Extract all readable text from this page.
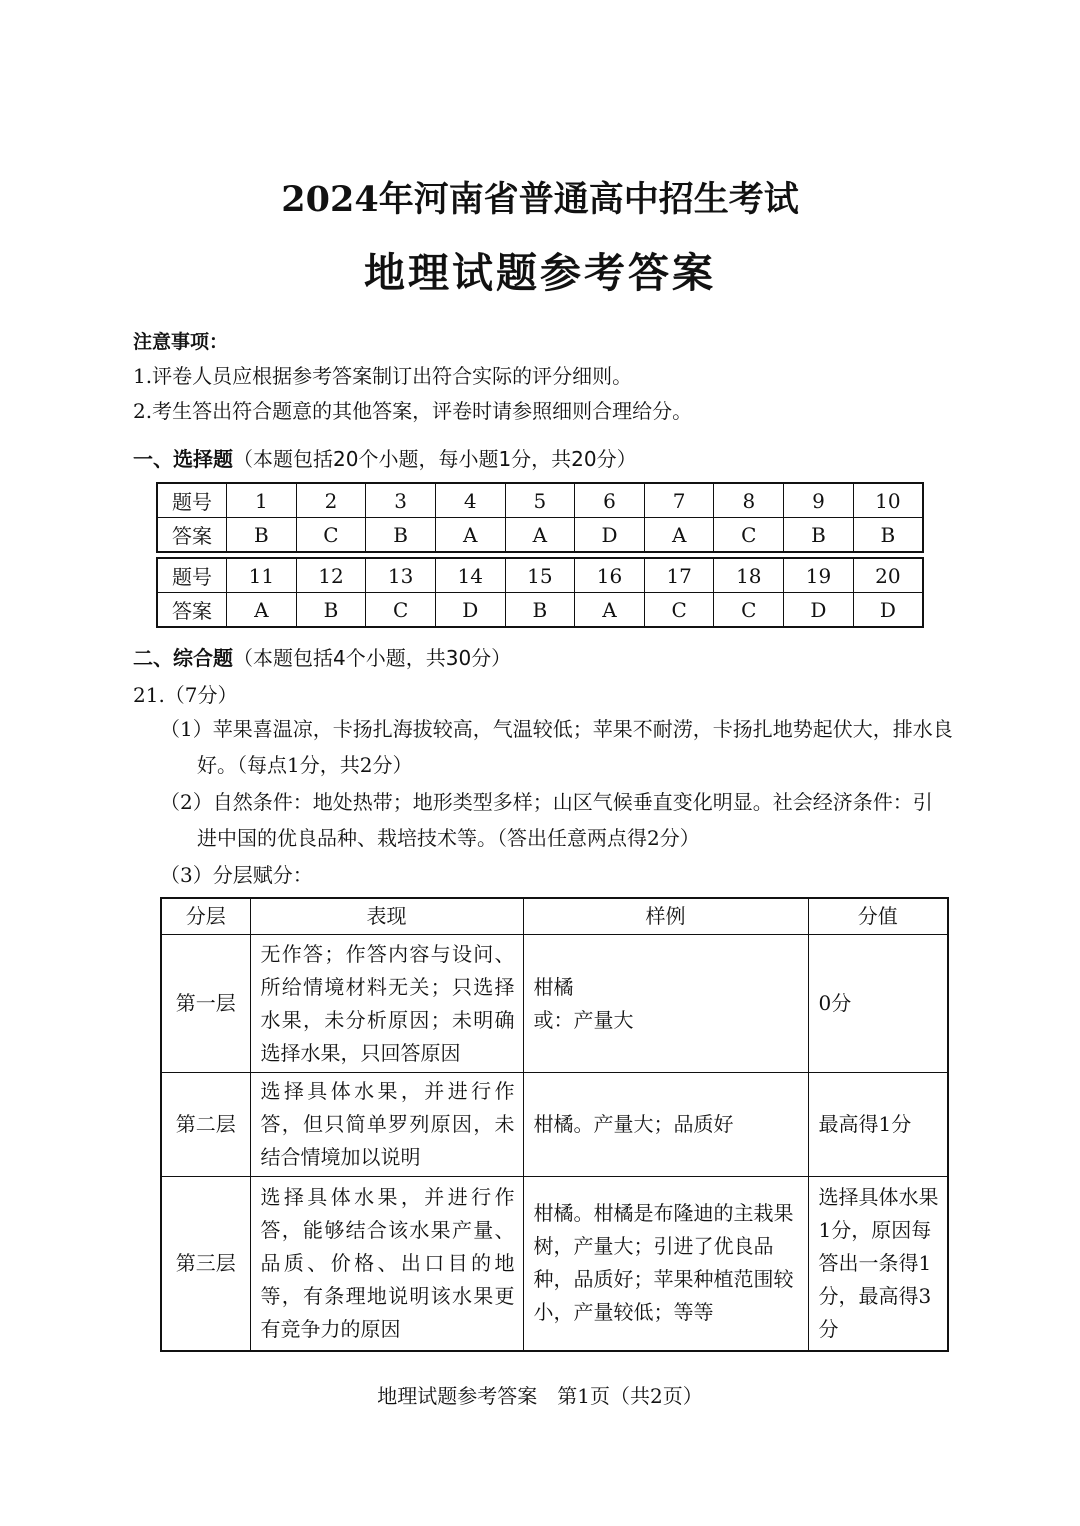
2024年河南省普通高中招生考试
地理试题参考答案
注意事项：
1.评卷人员应根据参考答案制订出符合实际的评分细则。
2.考生答出符合题意的其他答案，评卷时请参照细则合理给分。
一、选择题（本题包括20个小题，每小题1分，共20分）
题号	1	2	3	4	5	6	7	8	9	10
答案	B	C	B	A	A	D	A	C	B	B
题号	11	12	13	14	15	16	17	18	19	20
答案	A	B	C	D	B	A	C	C	D	D
二、综合题（本题包括4个小题，共30分）
21.（7分）
（1）苹果喜温凉，卡扬扎海拔较高，气温较低；苹果不耐涝，卡扬扎地势起伏大，排水良
好。（每点1分，共2分）
（2）自然条件：地处热带；地形类型多样；山区气候垂直变化明显。社会经济条件：引
进中国的优良品种、栽培技术等。（答出任意两点得2分）
（3）分层赋分：
分层	表现	样例	分值
第一层	无作答；作答内容与设问、所给情境材料无关；只选择水果，未分析原因；未明确选择水果，只回答原因	柑橘
或：产量大	0分
第二层	选择具体水果，并进行作答，但只简单罗列原因，未结合情境加以说明	柑橘。产量大；品质好	最高得1分
第三层	选择具体水果，并进行作答，能够结合该水果产量、品质、价格、出口目的地等，有条理地说明该水果更有竞争力的原因	柑橘。柑橘是布隆迪的主栽果树，产量大；引进了优良品种，品质好；苹果种植范围较小，产量较低；等等	选择具体水果1分，原因每答出一条得1分，最高得3分
地理试题参考答案　第1页（共2页）
